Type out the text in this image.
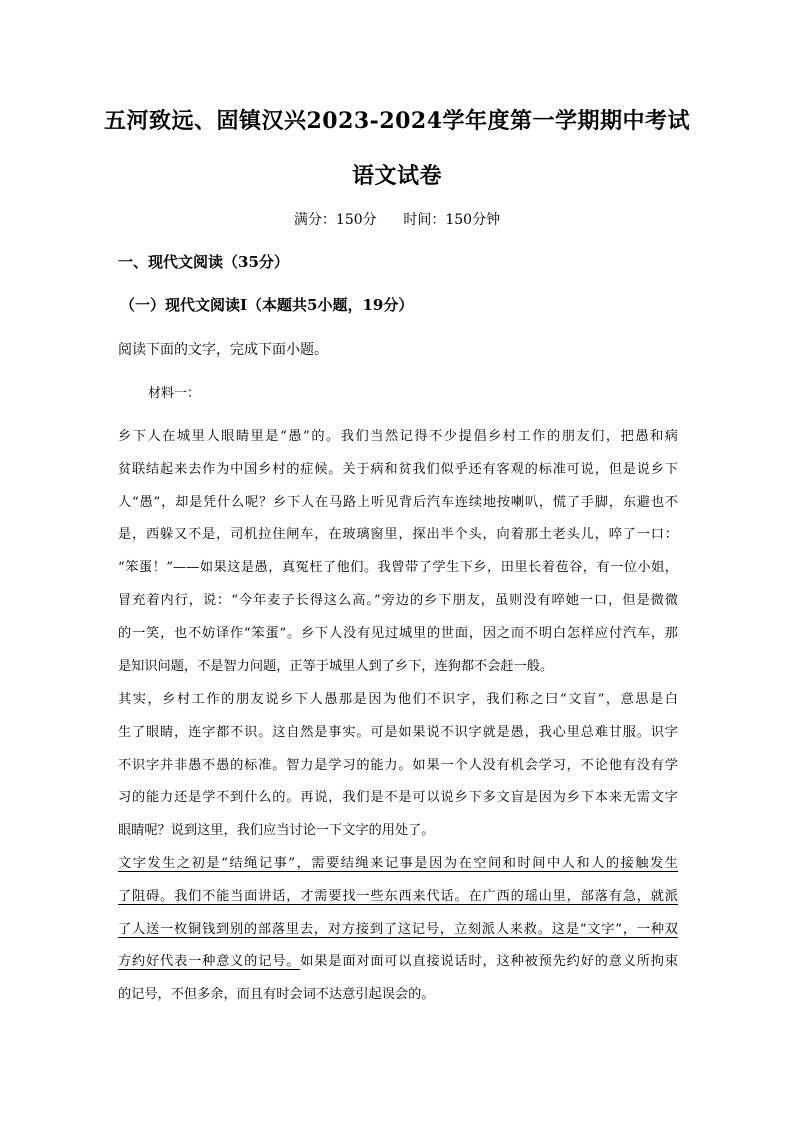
五河致远、固镇汉兴2023-2024学年度第一学期期中考试
语文试卷
满分：150分      时间：150分钟
一、现代文阅读（35分）
（一）现代文阅读Ⅰ（本题共5小题，19分）
阅读下面的文字，完成下面小题。
材料一：
乡下人在城里人眼睛里是“愚”的。我们当然记得不少提倡乡村工作的朋友们，把愚和病
贫联结起来去作为中国乡村的症候。关于病和贫我们似乎还有客观的标准可说，但是说乡下
人“愚”，却是凭什么呢？乡下人在马路上听见背后汽车连续地按喇叭，慌了手脚，东避也不
是，西躲又不是，司机拉住闸车，在玻璃窗里，探出半个头，向着那土老头儿，啐了一口：
“笨蛋！”——如果这是愚，真冤枉了他们。我曾带了学生下乡，田里长着苞谷，有一位小姐，
冒充着内行，说：“今年麦子长得这么高。”旁边的乡下朋友，虽则没有啐她一口，但是微微
的一笑，也不妨译作“笨蛋”。乡下人没有见过城里的世面，因之而不明白怎样应付汽车，那
是知识问题，不是智力问题，正等于城里人到了乡下，连狗都不会赶一般。
其实，乡村工作的朋友说乡下人愚那是因为他们不识字，我们称之曰“文盲”，意思是白
生了眼睛，连字都不识。这自然是事实。可是如果说不识字就是愚，我心里总难甘服。识字
不识字并非愚不愚的标准。智力是学习的能力。如果一个人没有机会学习，不论他有没有学
习的能力还是学不到什么的。再说，我们是不是可以说乡下多文盲是因为乡下本来无需文字
眼睛呢？说到这里，我们应当讨论一下文字的用处了。
文字发生之初是“结绳记事”，需要结绳来记事是因为在空间和时间中人和人的接触发生
了阻碍。我们不能当面讲话，才需要找一些东西来代话。在广西的瑶山里，部落有急，就派
了人送一枚铜钱到别的部落里去，对方接到了这记号，立刻派人来救。这是“文字”，一种双
方约好代表一种意义的记号。如果是面对面可以直接说话时，这种被预先约好的意义所拘束
的记号，不但多余，而且有时会词不达意引起误会的。
